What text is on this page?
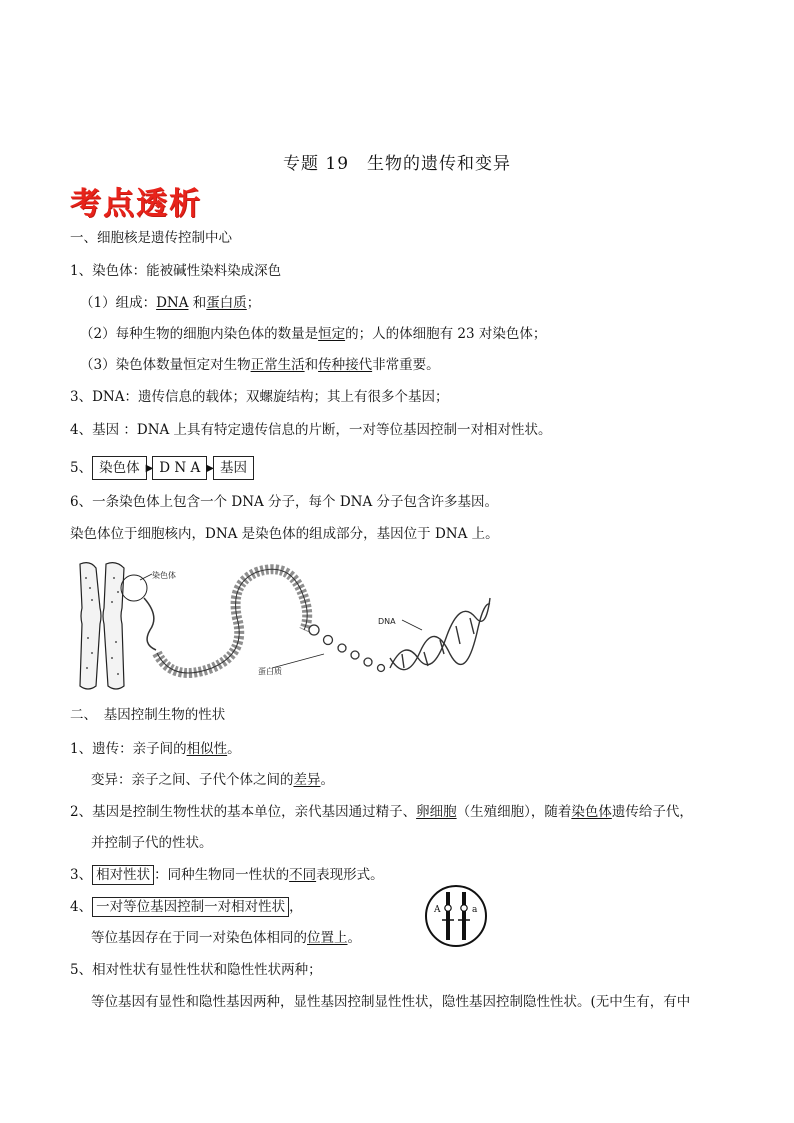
专题 19　生物的遗传和变异
考点透析
一、细胞核是遗传控制中心
1、染色体：能被碱性染料染成深色
（1）组成：DNA 和蛋白质；
（2）每种生物的细胞内染色体的数量是恒定的；人的体细胞有 23 对染色体；
（3）染色体数量恒定对生物正常生活和传种接代非常重要。
3、DNA：遗传信息的载体；双螺旋结构；其上有很多个基因；
4、基因 ：DNA 上具有特定遗传信息的片断，一对等位基因控制一对相对性状。
5、 染色体 ▶ D N A ▶ 基因
6、一条染色体上包含一个 DNA 分子，每个 DNA 分子包含许多基因。
染色体位于细胞核内，DNA 是染色体的组成部分，基因位于 DNA 上。
染色体
蛋白质
DNA
二、　基因控制生物的性状
1、遗传：亲子间的相似性。
变异：亲子之间、子代个体之间的差异。
2、基因是控制生物性状的基本单位，亲代基因通过精子、卵细胞（生殖细胞），随着染色体遗传给子代，
并控制子代的性状。
3、 相对性状 ：同种生物同一性状的不同表现形式。
4、 一对等位基因控制一对相对性状 ，
等位基因存在于同一对染色体相同的位置上。
A	a
5、相对性状有显性性状和隐性性状两种；
等位基因有显性和隐性基因两种，显性基因控制显性性状，隐性基因控制隐性性状。(无中生有，有中
